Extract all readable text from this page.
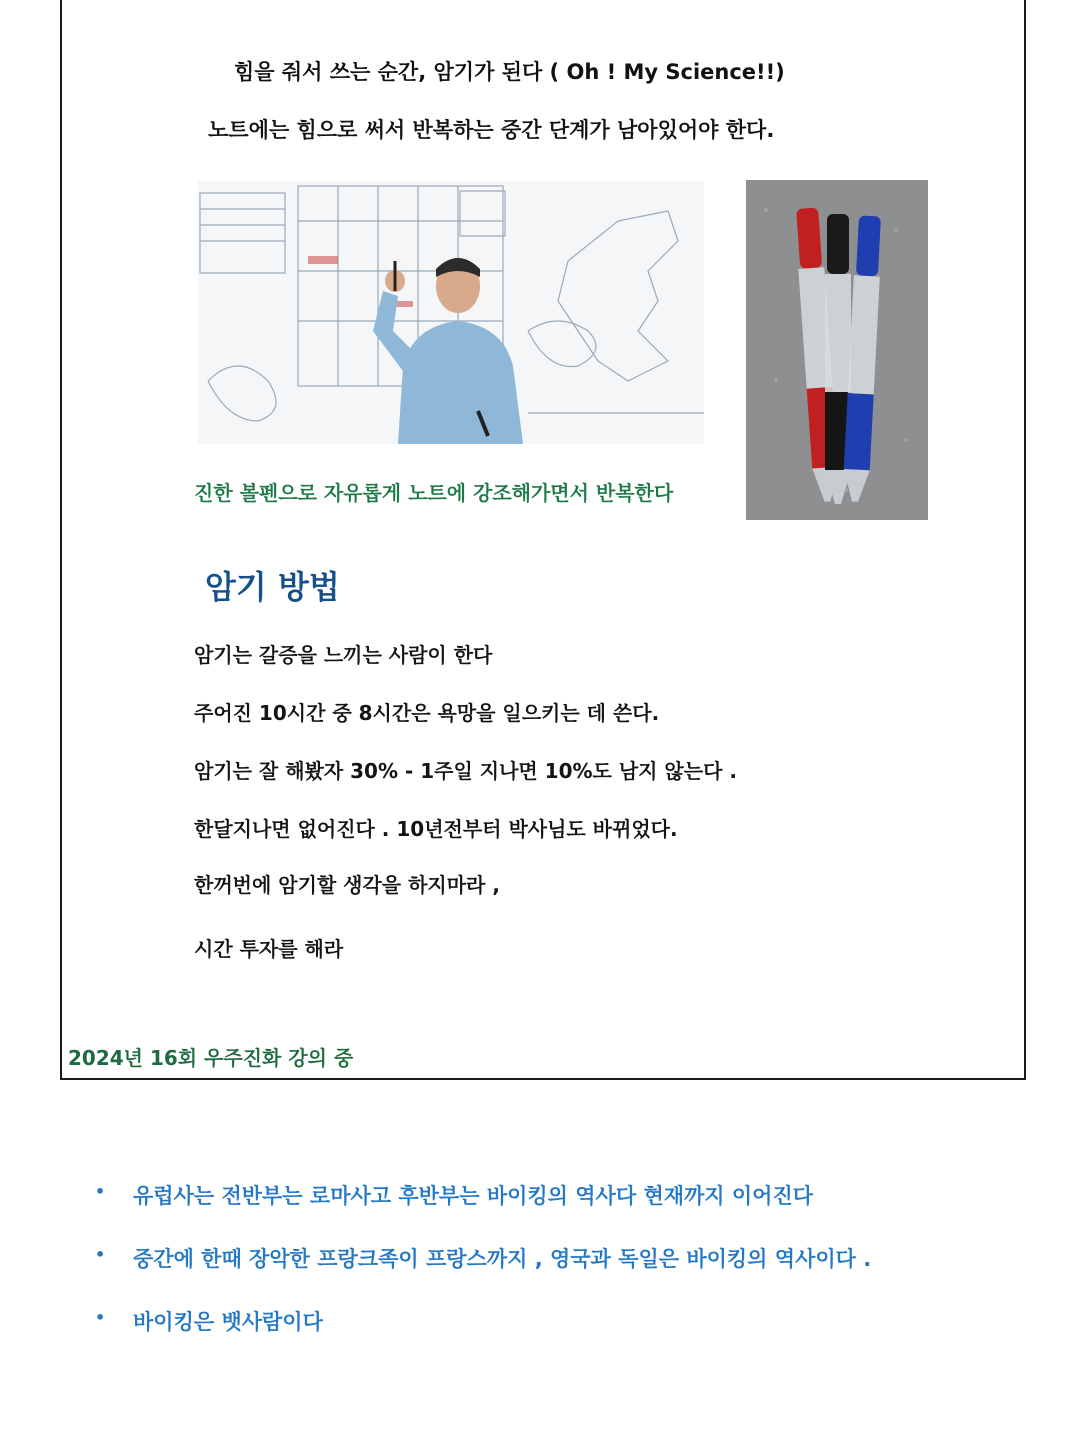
힘을 줘서 쓰는 순간, 암기가 된다 ( Oh ! My Science!!)
노트에는 힘으로 써서 반복하는 중간 단계가 남아있어야 한다.
진한 볼펜으로 자유롭게 노트에 강조해가면서 반복한다
암기 방법
암기는 갈증을 느끼는 사람이 한다
주어진 10시간 중 8시간은 욕망을 일으키는 데 쓴다.
암기는 잘 해봤자 30% - 1주일 지나면 10%도 남지 않는다 .
한달지나면 없어진다 . 10년전부터 박사님도 바뀌었다.
한꺼번에 암기할 생각을 하지마라 ,
시간 투자를 해라
2024년 16회 우주진화 강의 중
• 유럽사는 전반부는 로마사고 후반부는 바이킹의 역사다 현재까지 이어진다
• 중간에 한때 장악한 프랑크족이 프랑스까지 , 영국과 독일은 바이킹의 역사이다 .
• 바이킹은 뱃사람이다
